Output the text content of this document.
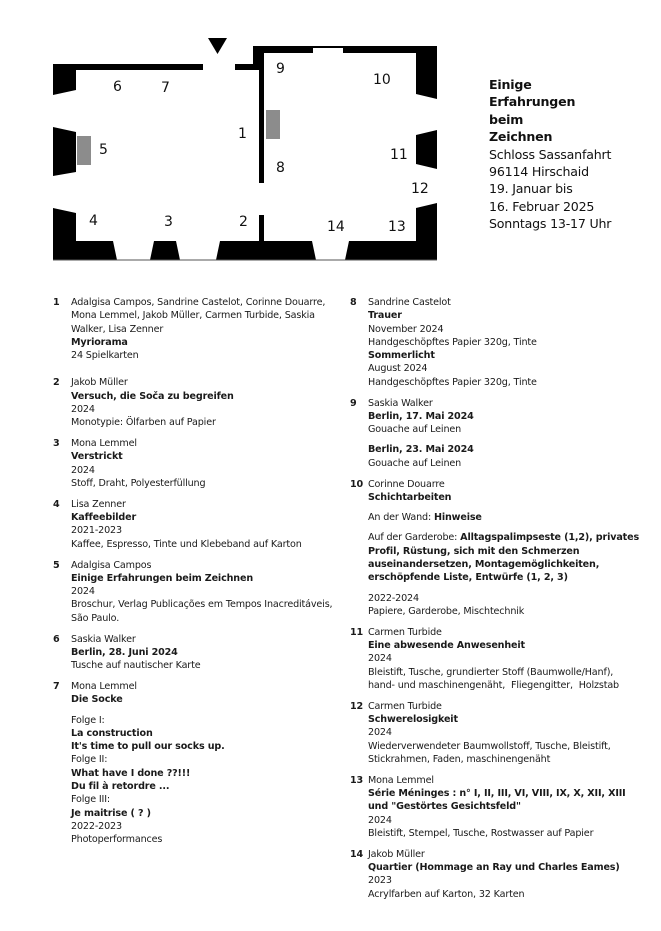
1
2
3
4
5
6	7
8
9
10
11
12
13
14
Einige
Erfahrungen
beim
Zeichnen
Schloss Sassanfahrt
96114 Hirschaid
19. Januar bis
16. Februar 2025
Sonntags 13-17 Uhr
1 Adalgisa Campos, Sandrine Castelot, Corinne Douarre,
Mona Lemmel, Jakob Müller, Carmen Turbide, Saskia
Walker, Lisa Zenner
Myriorama
24 Spielkarten
2 Jakob Müller
Versuch, die Soča zu begreifen
2024
Monotypie: Ölfarben auf Papier
3 Mona Lemmel
Verstrickt
2024
Stoff, Draht, Polyesterfüllung
4 Lisa Zenner
Kaffeebilder
2021-2023
Kaffee, Espresso, Tinte und Klebeband auf Karton
5 Adalgisa Campos
Einige Erfahrungen beim Zeichnen
2024
Broschur, Verlag Publicações em Tempos Inacreditáveis,
São Paulo.
6 Saskia Walker
Berlin, 28. Juni 2024
Tusche auf nautischer Karte
7 Mona Lemmel
Die Socke
Folge I:
La construction
It's time to pull our socks up.
Folge II:
What have I done ??!!!
Du fil à retordre ...
Folge III:
Je maitrise ( ? )
2022-2023
Photoperformances
8 Sandrine Castelot
Trauer
November 2024
Handgeschöpftes Papier 320g, Tinte
Sommerlicht
August 2024
Handgeschöpftes Papier 320g, Tinte
9 Saskia Walker
Berlin, 17. Mai 2024
Gouache auf Leinen
Berlin, 23. Mai 2024
Gouache auf Leinen
10 Corinne Douarre
Schichtarbeiten
An der Wand: Hinweise
Auf der Garderobe: Alltagspalimpseste (1,2), privates
Profil, Rüstung, sich mit den Schmerzen
auseinandersetzen, Montagemöglichkeiten,
erschöpfende Liste, Entwürfe (1, 2, 3)
2022-2024
Papiere, Garderobe, Mischtechnik
11 Carmen Turbide
Eine abwesende Anwesenheit
2024
Bleistift, Tusche, grundierter Stoff (Baumwolle/Hanf),
hand- und maschinengenäht,  Fliegengitter,  Holzstab
12 Carmen Turbide
Schwerelosigkeit
2024
Wiederverwendeter Baumwollstoff, Tusche, Bleistift,
Stickrahmen, Faden, maschinengenäht
13 Mona Lemmel
Série Méninges : n° I, II, III, VI, VIII, IX, X, XII, XIII
und "Gestörtes Gesichtsfeld"
2024
Bleistift, Stempel, Tusche, Rostwasser auf Papier
14 Jakob Müller
Quartier (Hommage an Ray und Charles Eames)
2023
Acrylfarben auf Karton, 32 Karten
